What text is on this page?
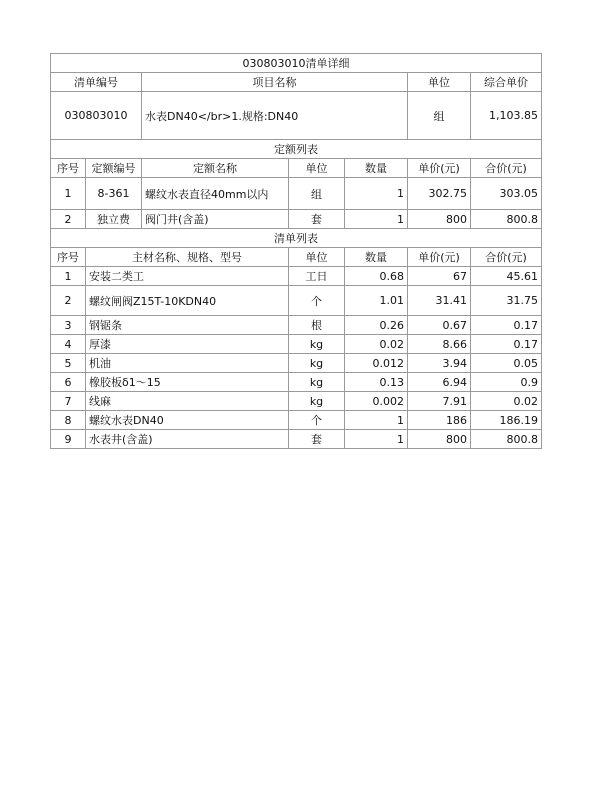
030803010清单详细						
清单编号		项目名称			单位	综合单价
030803010		水表DN40</br>1.规格:DN40			组	1,103.85
定额列表						
序号	定额编号	定额名称	单位	数量	单价(元)	合价(元)
1	8-361	螺纹水表直径40mm以内	组	1	302.75	303.05
2	独立费	阀门井(含盖)	套	1	800	800.8
清单列表						
序号	主材名称、规格、型号		单位	数量	单价(元)	合价(元)
1	安装二类工		工日	0.68	67	45.61
2	螺纹闸阀Z15T-10KDN40		个	1.01	31.41	31.75
3	钢锯条		根	0.26	0.67	0.17
4	厚漆		kg	0.02	8.66	0.17
5	机油		kg	0.012	3.94	0.05
6	橡胶板δ1～15		kg	0.13	6.94	0.9
7	线麻		kg	0.002	7.91	0.02
8	螺纹水表DN40		个	1	186	186.19
9	水表井(含盖)		套	1	800	800.8
